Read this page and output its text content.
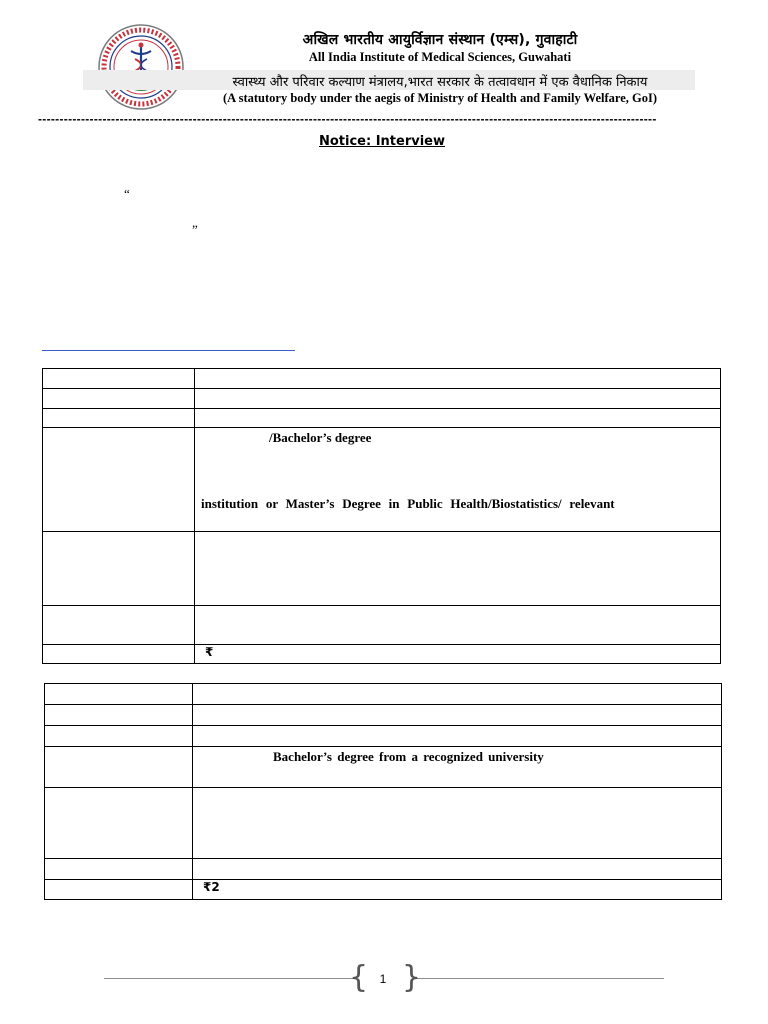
अखिल भारतीय आयुर्विज्ञान संस्थान (एम्स), गुवाहाटी
All India Institute of Medical Sciences, Guwahati
स्वास्थ्य और परिवार कल्याण मंत्रालय,भारत सरकार के तत्वावधान में एक वैधानिक निकाय
(A statutory body under the aegis of Ministry of Health and Family Welfare, GoI)
------------------------------------------------------------------------------------------------------------------------------------------------
Notice: Interview
“
”

	/Bachelor’s degree
institution or Master’s Degree in Public Health/Biostatistics/ relevant

	₹

	Bachelor’s degree from a recognized university

	₹2
{ 1 }
